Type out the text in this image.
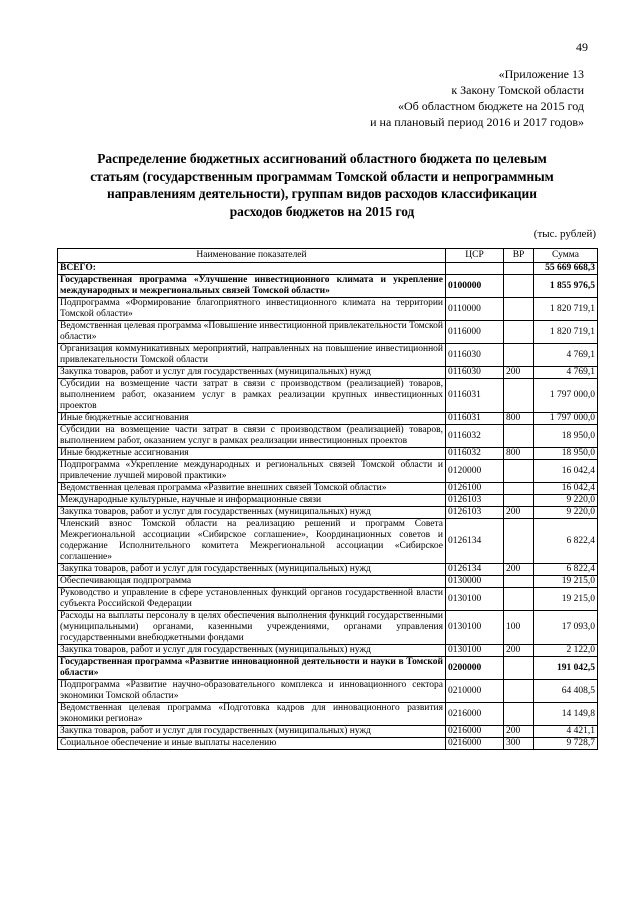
49
«Приложение 13
к Закону Томской области
«Об областном бюджете на 2015 год
и на плановый период 2016 и 2017 годов»
Распределение бюджетных ассигнований областного бюджета по целевым
статьям (государственным программам Томской области и непрограммным
направлениям деятельности), группам видов расходов классификации
расходов бюджетов на 2015 год
(тыс. рублей)
Наименование показателей	ЦСР	ВР	Сумма
ВСЕГО:			55 669 668,3
Государственная программа «Улучшение инвестиционного климата и укрепление международных и межрегиональных связей Томской области»	0100000		1 855 976,5
Подпрограмма «Формирование благоприятного инвестиционного климата на территории Томской области»	0110000		1 820 719,1
Ведомственная целевая программа «Повышение инвестиционной привлекательности Томской области»	0116000		1 820 719,1
Организация коммуникативных мероприятий, направленных на повышение инвестиционной привлекательности Томской области	0116030		4 769,1
Закупка товаров, работ и услуг для государственных (муниципальных) нужд	0116030	200	4 769,1
Субсидии на возмещение части затрат в связи с производством (реализацией) товаров, выполнением работ, оказанием услуг в рамках реализации крупных инвестиционных проектов	0116031		1 797 000,0
Иные бюджетные ассигнования	0116031	800	1 797 000,0
Субсидии на возмещение части затрат в связи с производством (реализацией) товаров, выполнением работ, оказанием услуг в рамках реализации инвестиционных проектов	0116032		18 950,0
Иные бюджетные ассигнования	0116032	800	18 950,0
Подпрограмма «Укрепление международных и региональных связей Томской области и привлечение лучшей мировой практики»	0120000		16 042,4
Ведомственная целевая программа «Развитие внешних связей Томской области»	0126100		16 042,4
Международные культурные, научные и информационные связи	0126103		9 220,0
Закупка товаров, работ и услуг для государственных (муниципальных) нужд	0126103	200	9 220,0
Членский взнос Томской области на реализацию решений и программ Совета Межрегиональной ассоциации «Сибирское соглашение», Координационных советов и содержание Исполнительного комитета Межрегиональной ассоциации «Сибирское соглашение»	0126134		6 822,4
Закупка товаров, работ и услуг для государственных (муниципальных) нужд	0126134	200	6 822,4
Обеспечивающая подпрограмма	0130000		19 215,0
Руководство и управление в сфере установленных функций органов государственной власти субъекта Российской Федерации	0130100		19 215,0
Расходы на выплаты персоналу в целях обеспечения выполнения функций государственными (муниципальными) органами, казенными учреждениями, органами управления государственными внебюджетными фондами	0130100	100	17 093,0
Закупка товаров, работ и услуг для государственных (муниципальных) нужд	0130100	200	2 122,0
Государственная программа «Развитие инновационной деятельности и науки в Томской области»	0200000		191 042,5
Подпрограмма «Развитие научно-образовательного комплекса и инновационного сектора экономики Томской области»	0210000		64 408,5
Ведомственная целевая программа «Подготовка кадров для инновационного развития экономики региона»	0216000		14 149,8
Закупка товаров, работ и услуг для государственных (муниципальных) нужд	0216000	200	4 421,1
Социальное обеспечение и иные выплаты населению	0216000	300	9 728,7
